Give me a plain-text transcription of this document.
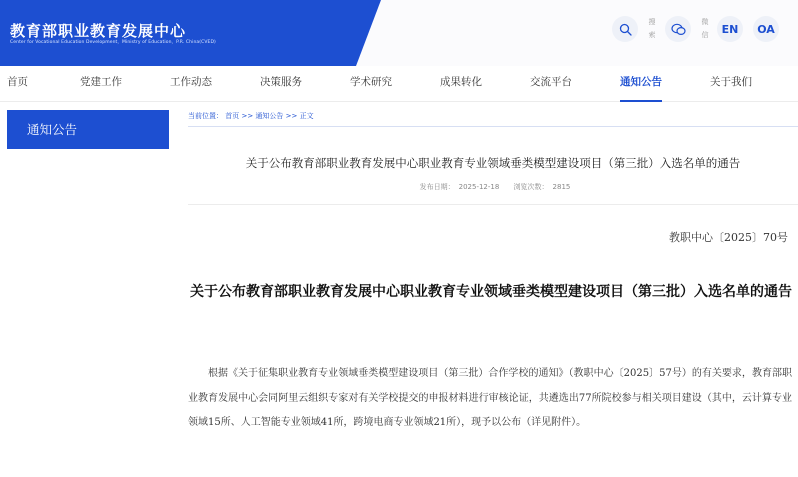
教育部职业教育发展中心
Center for Vocational Education Development，Ministry of Education，P.R. China(CVED)
搜索
微信	EN	OA
首页	党建工作	工作动态	决策服务	学术研究	成果转化	交流平台	通知公告	关于我们
通知公告
当前位置： 首页 >> 通知公告 >> 正文
关于公布教育部职业教育发展中心职业教育专业领域垂类模型建设项目（第三批）入选名单的通告
发布日期： 2025-12-18 浏览次数： 2815
教职中心〔2025〕70号
关于公布教育部职业教育发展中心职业教育专业领域垂类模型建设项目（第三批）入选名单的通告
根据《关于征集职业教育专业领域垂类模型建设项目（第三批）合作学校的通知》（教职中心〔2025〕57号）的有关要求，教育部职业教育发展中心会同阿里云组织专家对有关学校提交的申报材料进行审核论证，共遴选出77所院校参与相关项目建设（其中，云计算专业领域15所、人工智能专业领域41所，跨境电商专业领域21所），现予以公布（详见附件）。
